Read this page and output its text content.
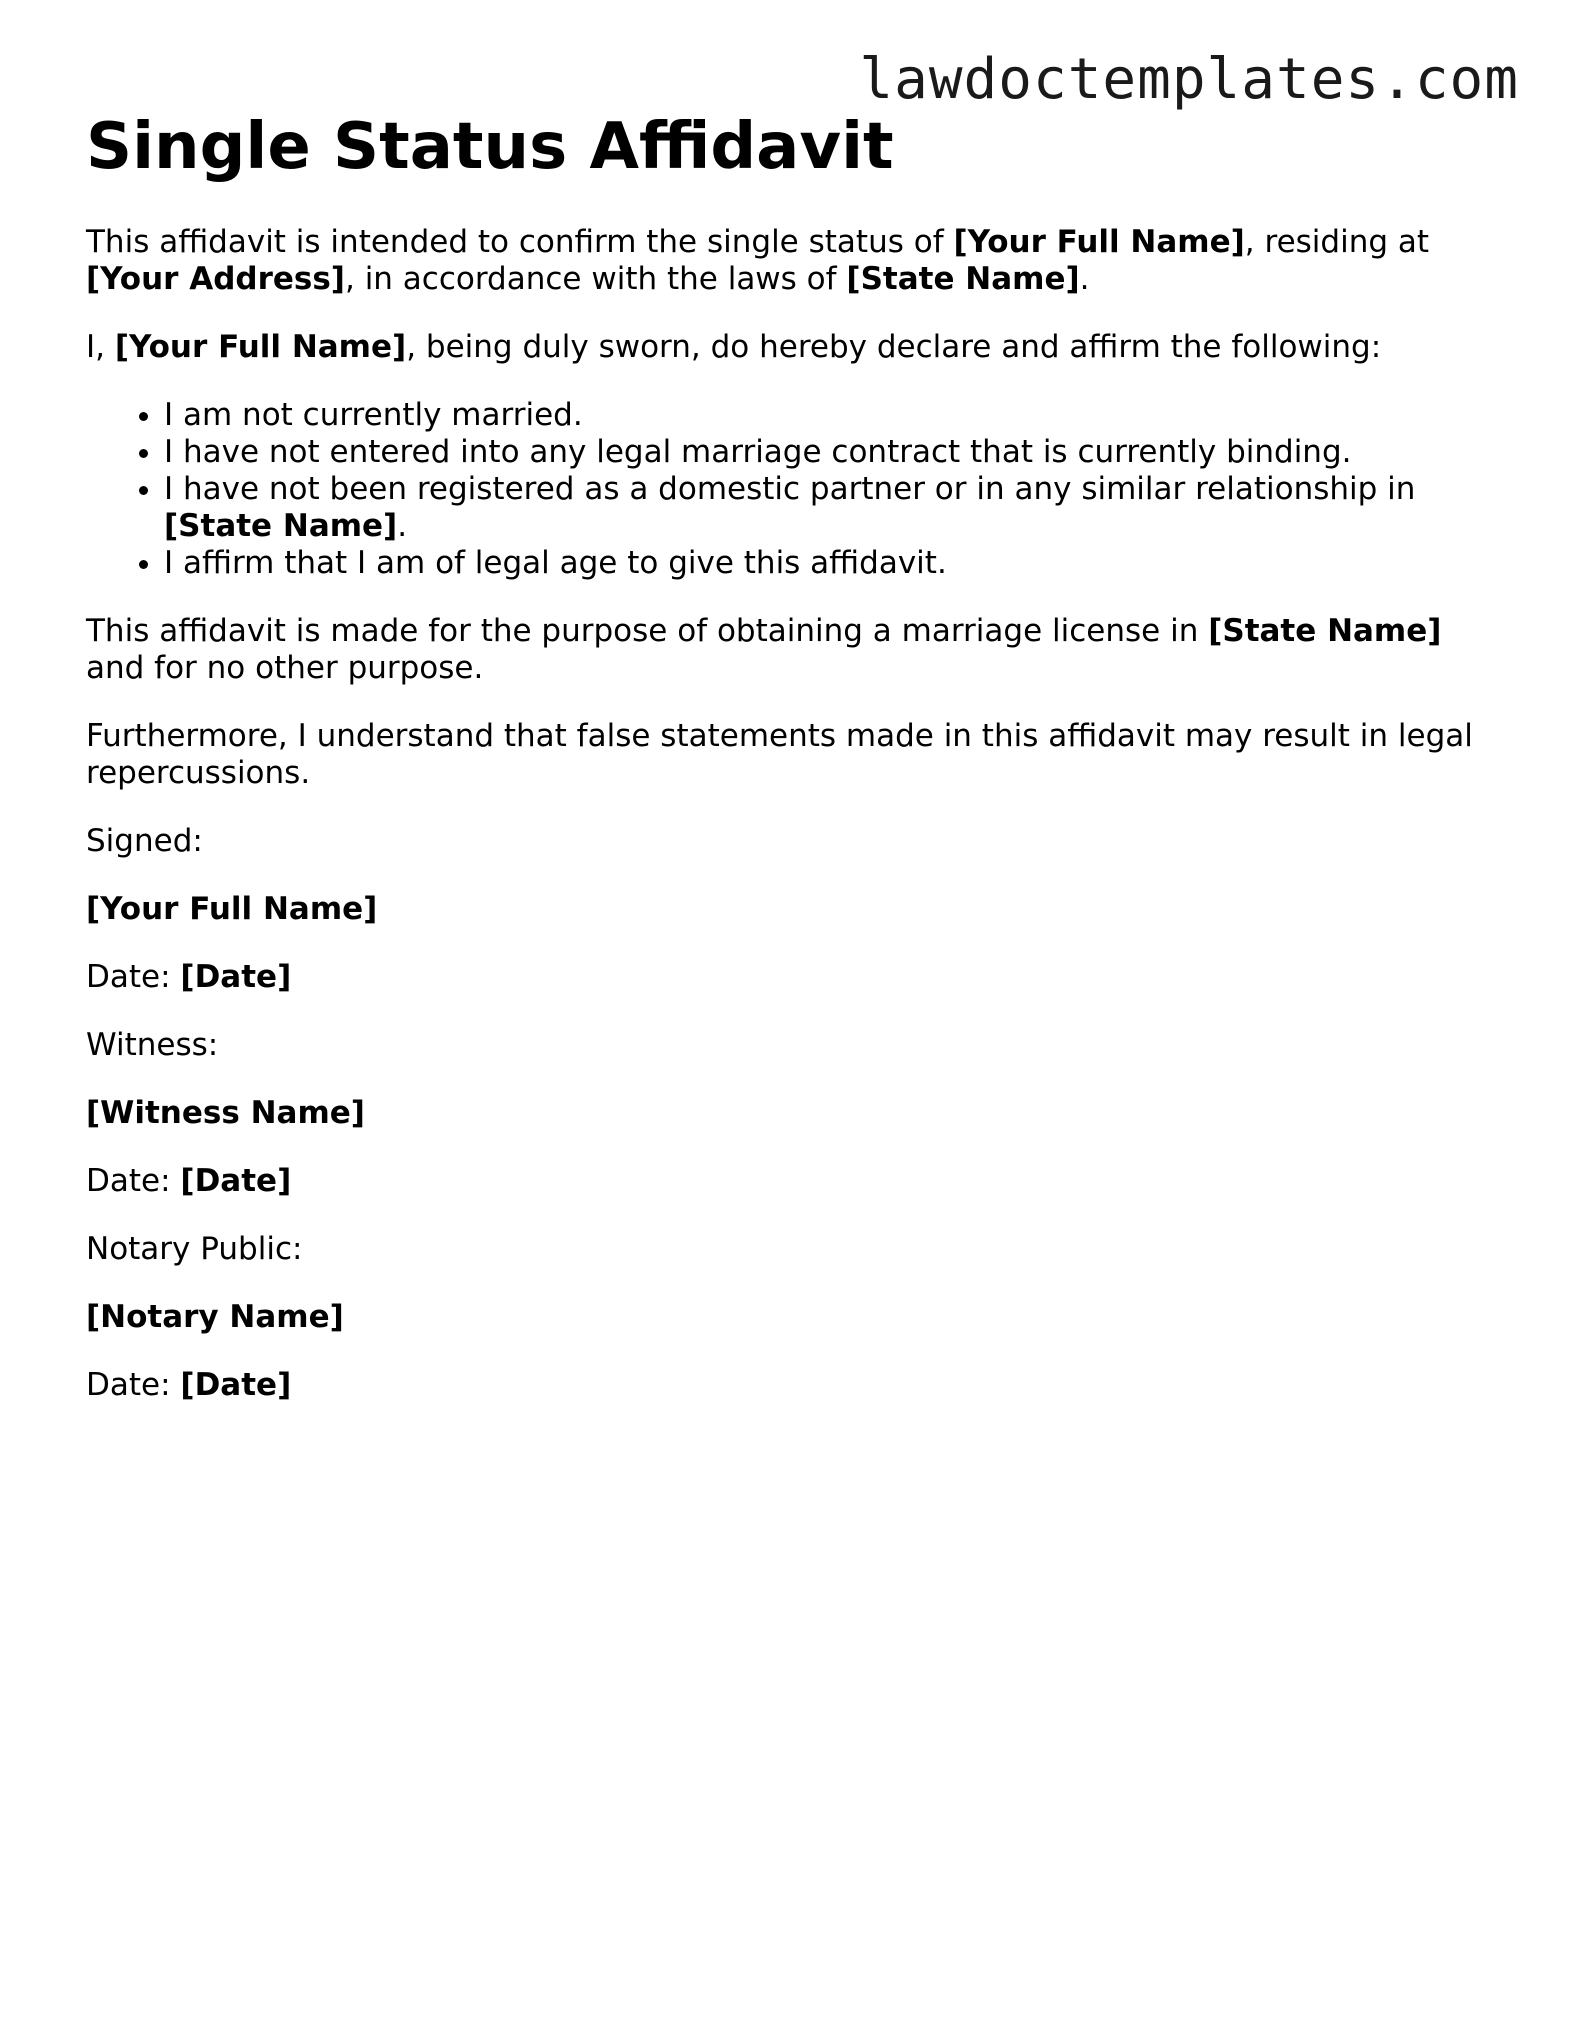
lawdoctemplates.com
Single Status Affidavit

This affidavit is intended to confirm the single status of [Your Full Name], residing at [Your Address], in accordance with the laws of [State Name].

I, [Your Full Name], being duly sworn, do hereby declare and affirm the following:

• I am not currently married.
• I have not entered into any legal marriage contract that is currently binding.
• I have not been registered as a domestic partner or in any similar relationship in [State Name].
• I affirm that I am of legal age to give this affidavit.

This affidavit is made for the purpose of obtaining a marriage license in [State Name] and for no other purpose.

Furthermore, I understand that false statements made in this affidavit may result in legal repercussions.

Signed:

[Your Full Name]

Date: [Date]

Witness:

[Witness Name]

Date: [Date]

Notary Public:

[Notary Name]

Date: [Date]
